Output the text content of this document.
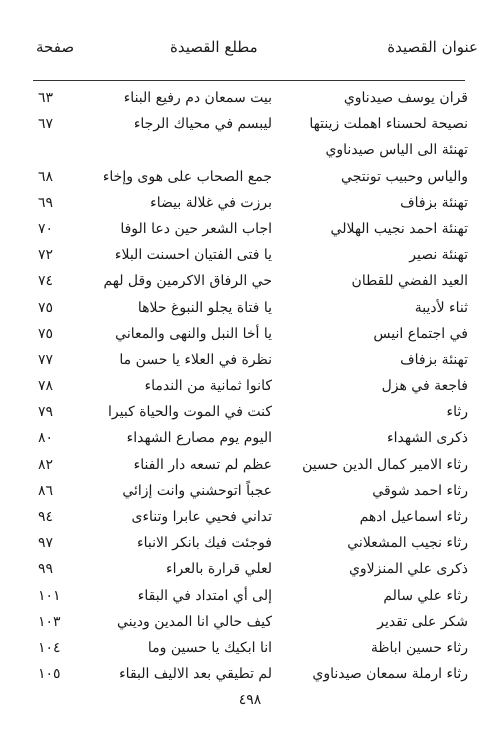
عنوان القصيدة
مطلع القصيدة
صفحة
قران يوسف صيدناوي
بيت سمعان دم رفيع البناء
٦٣
نصيحة لحسناء اهملت زينتها
ليبسم في محياك الرجاء
٦٧
تهنئة الى الياس صيدناوي
والياس وحبيب تونتجي
جمع الصحاب على هوى وإخاء
٦٨
تهنئة بزفاف
برزت في غلالة بيضاء
٦٩
تهنئة احمد نجيب الهلالي
اجاب الشعر حين دعا الوفا
٧٠
تهنئة نصير
يا فتى الفتيان احسنت البلاء
٧٢
العيد الفضي للقطان
حي الرفاق الاكرمين وقل لهم
٧٤
ثناء لأديبة
يا فتاة يجلو النبوغ حلاها
٧٥
في اجتماع انيس
يا أخا النبل والنهى والمعاني
٧٥
تهنئة بزفاف
نظرة في العلاء يا حسن ما
٧٧
فاجعة في هزل
كانوا ثمانية من الندماء
٧٨
رثاء
كنت في الموت والحياة كبيرا
٧٩
ذكرى الشهداء
اليوم يوم مصارع الشهداء
٨٠
رثاء الامير كمال الدين حسين
عظم لم تسعه دار الفناء
٨٢
رثاء احمد شوقي
عجباً اتوحشني وانت إزائي
٨٦
رثاء اسماعيل ادهم
تداني فحيي عابرا وتناءى
٩٤
رثاء نجيب المشعلاني
فوجئت فيك بانكر الانباء
٩٧
ذكرى علي المنزلاوي
لعلي قرارة بالعراء
٩٩
رثاء علي سالم
إلى أي امتداد في البقاء
١٠١
شكر على تقدير
كيف حالي انا المدين وديني
١٠٣
رثاء حسين اباظة
انا ابكيك يا حسين وما
١٠٤
رثاء ارملة سمعان صيدناوي
لم تطيقي بعد الاليف البقاء
١٠٥
٤٩٨
